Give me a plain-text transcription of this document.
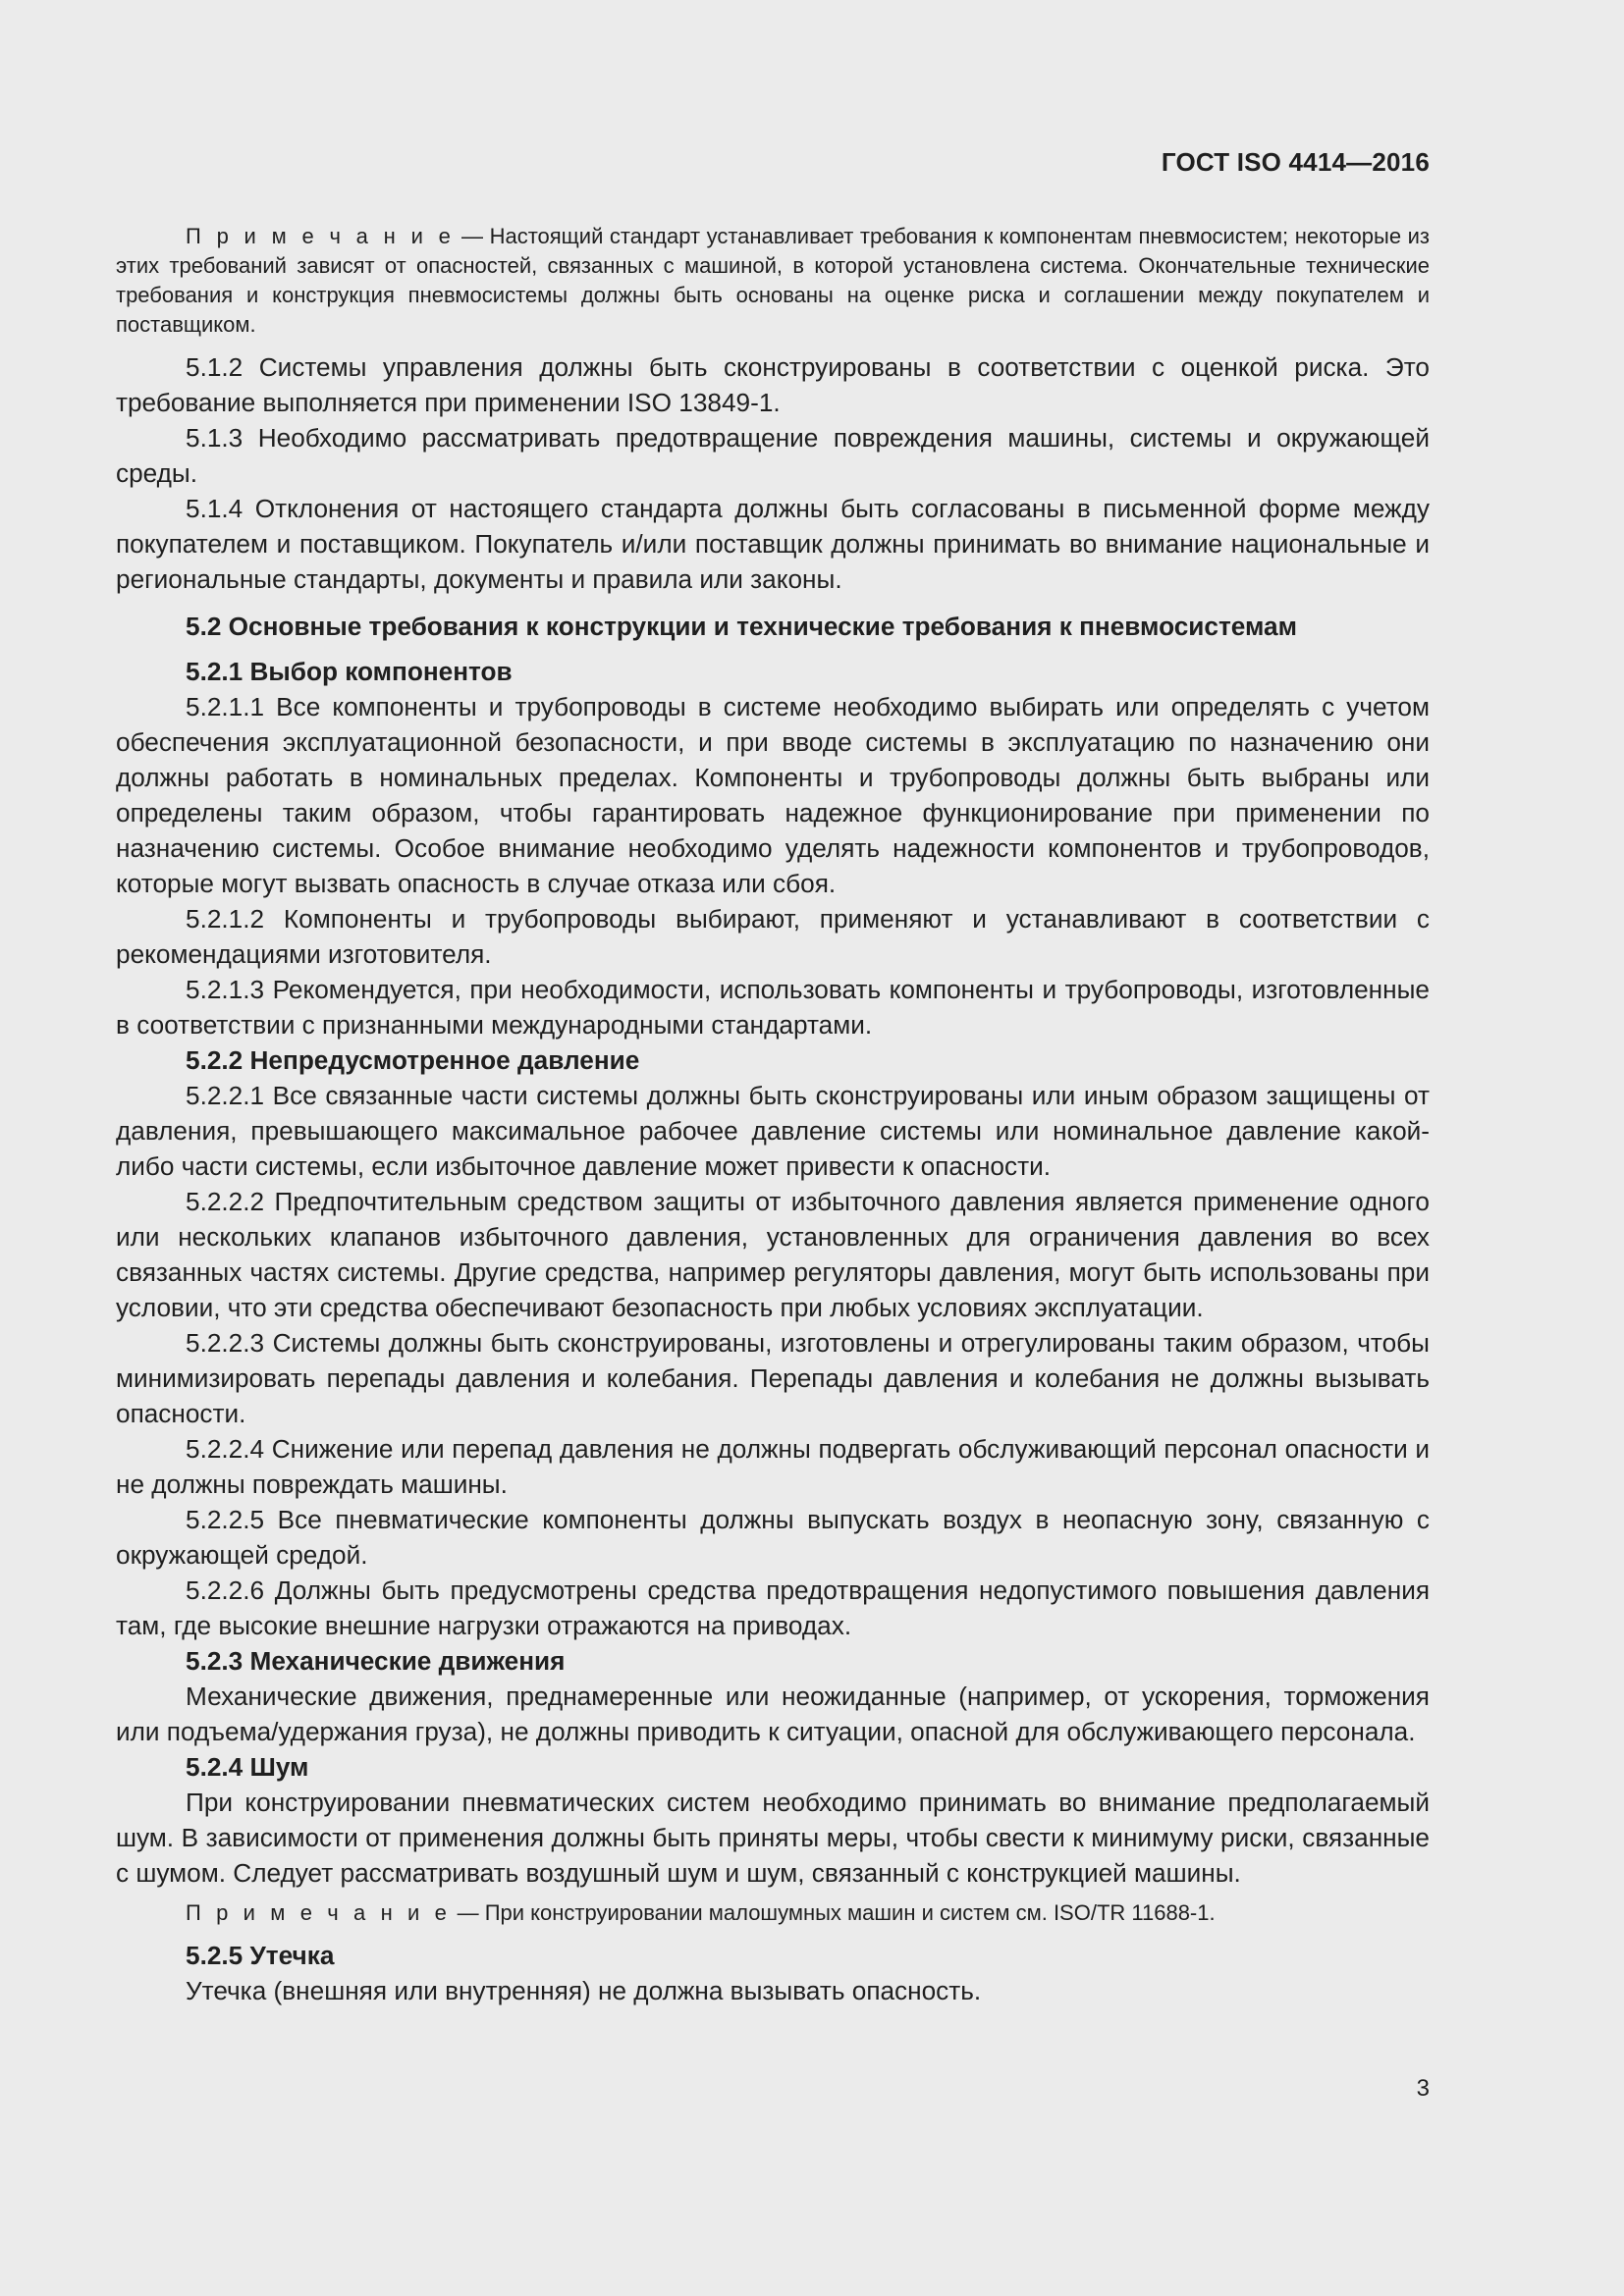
ГОСТ ISO 4414—2016

П р и м е ч а н и е — Настоящий стандарт устанавливает требования к компонентам пневмосистем; некоторые из этих требований зависят от опасностей, связанных с машиной, в которой установлена система. Окончательные технические требования и конструкция пневмосистемы должны быть основаны на оценке риска и соглашении между покупателем и поставщиком.

5.1.2 Системы управления должны быть сконструированы в соответствии с оценкой риска. Это требование выполняется при применении ISO 13849-1.

5.1.3 Необходимо рассматривать предотвращение повреждения машины, системы и окружающей среды.

5.1.4 Отклонения от настоящего стандарта должны быть согласованы в письменной форме между покупателем и поставщиком. Покупатель и/или поставщик должны принимать во внимание национальные и региональные стандарты, документы и правила или законы.

5.2 Основные требования к конструкции и технические требования к пневмосистемам

5.2.1 Выбор компонентов

5.2.1.1 Все компоненты и трубопроводы в системе необходимо выбирать или определять с учетом обеспечения эксплуатационной безопасности, и при вводе системы в эксплуатацию по назначению они должны работать в номинальных пределах. Компоненты и трубопроводы должны быть выбраны или определены таким образом, чтобы гарантировать надежное функционирование при применении по назначению системы. Особое внимание необходимо уделять надежности компонентов и трубопроводов, которые могут вызвать опасность в случае отказа или сбоя.

5.2.1.2 Компоненты и трубопроводы выбирают, применяют и устанавливают в соответствии с рекомендациями изготовителя.

5.2.1.3 Рекомендуется, при необходимости, использовать компоненты и трубопроводы, изготовленные в соответствии с признанными международными стандартами.

5.2.2 Непредусмотренное давление

5.2.2.1 Все связанные части системы должны быть сконструированы или иным образом защищены от давления, превышающего максимальное рабочее давление системы или номинальное давление какой-либо части системы, если избыточное давление может привести к опасности.

5.2.2.2 Предпочтительным средством защиты от избыточного давления является применение одного или нескольких клапанов избыточного давления, установленных для ограничения давления во всех связанных частях системы. Другие средства, например регуляторы давления, могут быть использованы при условии, что эти средства обеспечивают безопасность при любых условиях эксплуатации.

5.2.2.3 Системы должны быть сконструированы, изготовлены и отрегулированы таким образом, чтобы минимизировать перепады давления и колебания. Перепады давления и колебания не должны вызывать опасности.

5.2.2.4 Снижение или перепад давления не должны подвергать обслуживающий персонал опасности и не должны повреждать машины.

5.2.2.5 Все пневматические компоненты должны выпускать воздух в неопасную зону, связанную с окружающей средой.

5.2.2.6 Должны быть предусмотрены средства предотвращения недопустимого повышения давления там, где высокие внешние нагрузки отражаются на приводах.

5.2.3 Механические движения

Механические движения, преднамеренные или неожиданные (например, от ускорения, торможения или подъема/удержания груза), не должны приводить к ситуации, опасной для обслуживающего персонала.

5.2.4 Шум

При конструировании пневматических систем необходимо принимать во внимание предполагаемый шум. В зависимости от применения должны быть приняты меры, чтобы свести к минимуму риски, связанные с шумом. Следует рассматривать воздушный шум и шум, связанный с конструкцией машины.

П р и м е ч а н и е — При конструировании малошумных машин и систем см. ISO/TR 11688-1.

5.2.5 Утечка

Утечка (внешняя или внутренняя) не должна вызывать опасность.

3
